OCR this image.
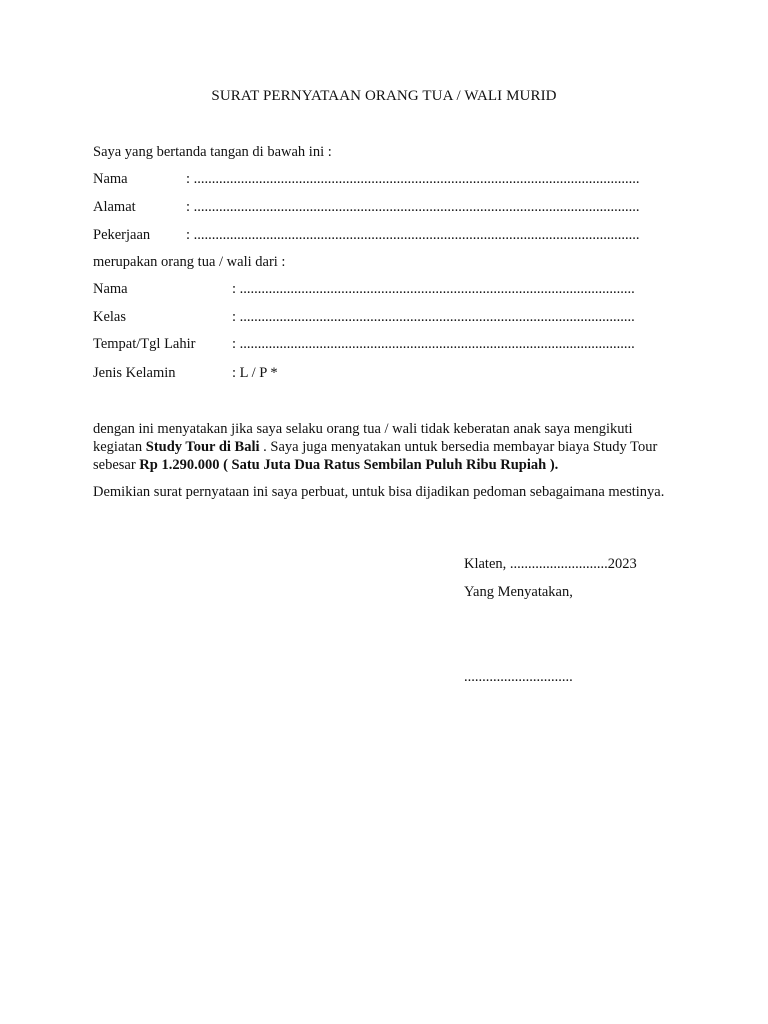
SURAT PERNYATAAN ORANG TUA / WALI MURID
Saya yang bertanda tangan di bawah ini :
Nama	: ...........................................................................................................................
Alamat	: ...........................................................................................................................
Pekerjaan	: ...........................................................................................................................
merupakan orang tua / wali dari :
Nama	: .............................................................................................................
Kelas	: .............................................................................................................
Tempat/Tgl Lahir	: .............................................................................................................
Jenis Kelamin	: L / P *
dengan ini menyatakan jika saya selaku orang tua / wali tidak keberatan anak saya mengikuti kegiatan Study Tour di Bali . Saya juga menyatakan untuk bersedia membayar biaya Study Tour sebesar Rp 1.290.000 ( Satu Juta Dua Ratus Sembilan Puluh Ribu Rupiah ).
Demikian surat pernyataan ini saya perbuat, untuk bisa dijadikan pedoman sebagaimana mestinya.
Klaten, ...........................2023
Yang Menyatakan,
..............................
